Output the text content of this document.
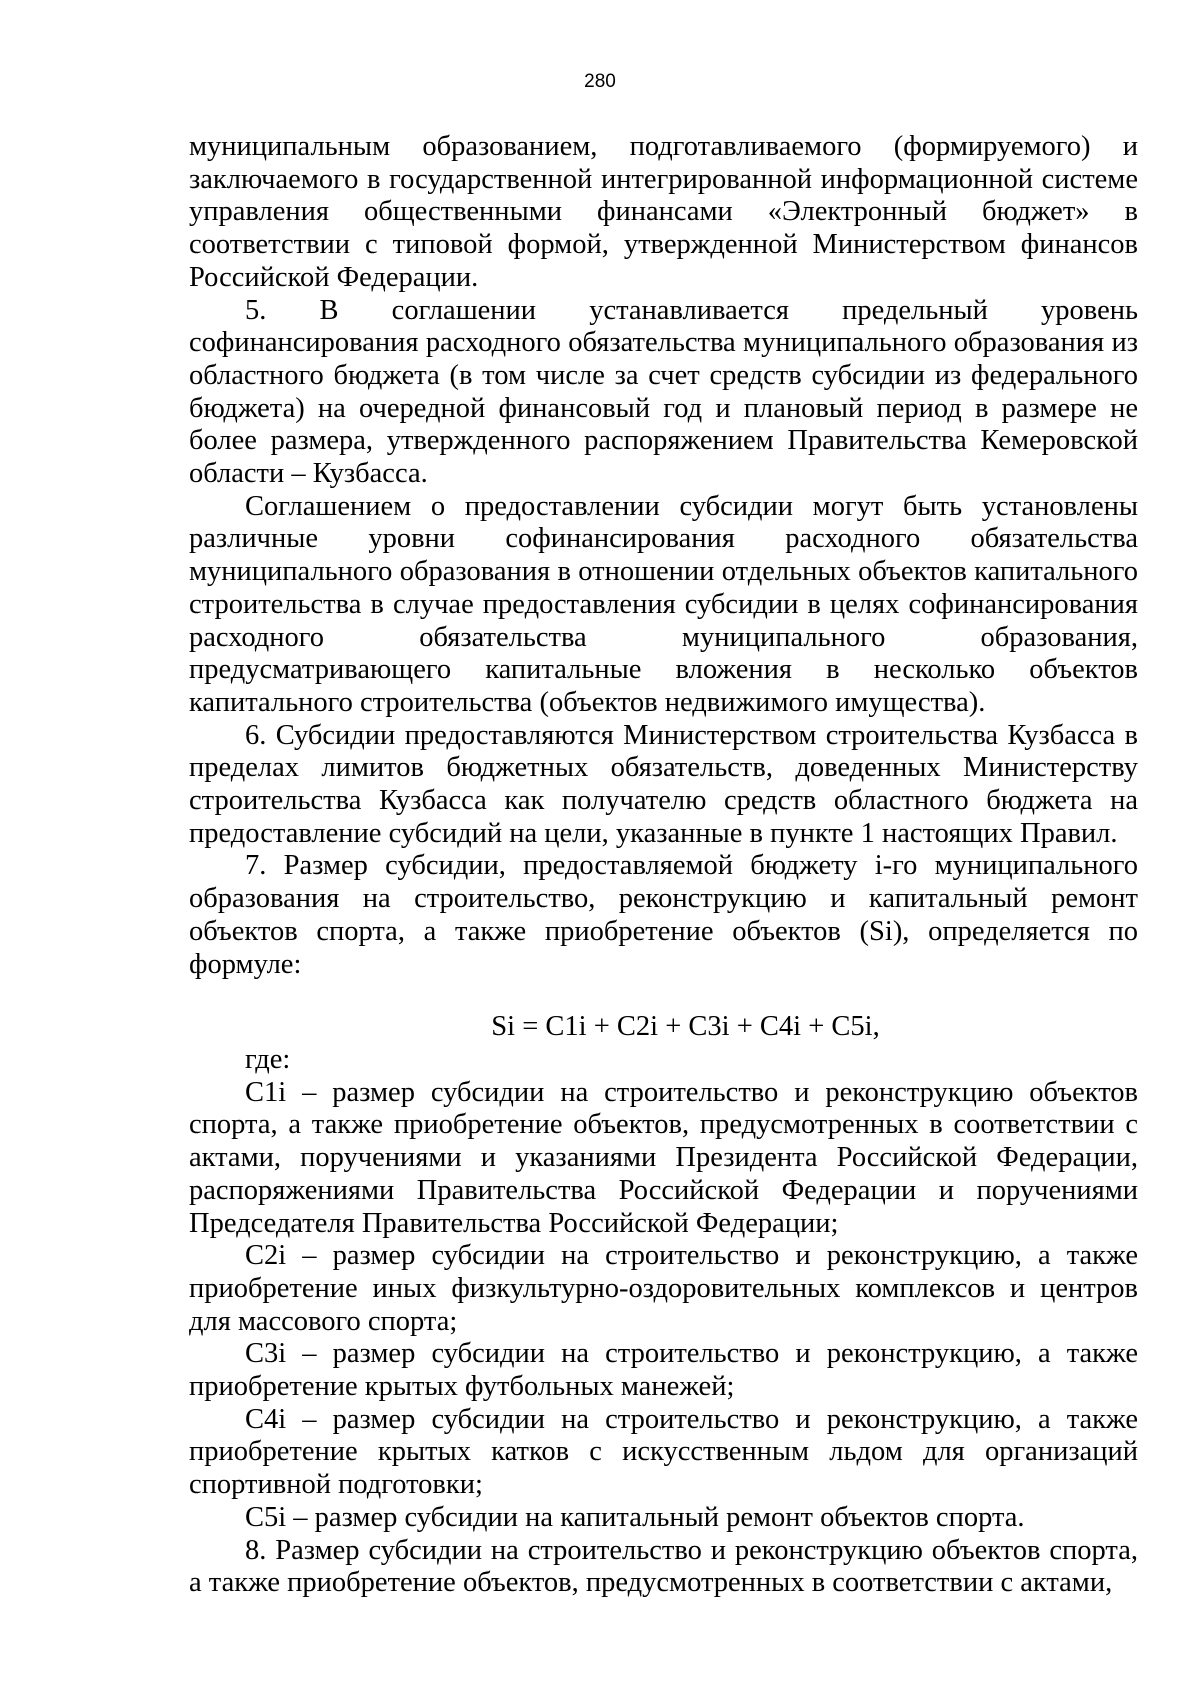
280

муниципальным образованием, подготавливаемого (формируемого) и заключаемого в государственной интегрированной информационной системе управления общественными финансами «Электронный бюджет» в соответствии с типовой формой, утвержденной Министерством финансов Российской Федерации.

5. В соглашении устанавливается предельный уровень софинансирования расходного обязательства муниципального образования из областного бюджета (в том числе за счет средств субсидии из федерального бюджета) на очередной финансовый год и плановый период в размере не более размера, утвержденного распоряжением Правительства Кемеровской области – Кузбасса.

Соглашением о предоставлении субсидии могут быть установлены различные уровни софинансирования расходного обязательства муниципального образования в отношении отдельных объектов капитального строительства в случае предоставления субсидии в целях софинансирования расходного обязательства муниципального образования, предусматривающего капитальные вложения в несколько объектов капитального строительства (объектов недвижимого имущества).

6. Субсидии предоставляются Министерством строительства Кузбасса в пределах лимитов бюджетных обязательств, доведенных Министерству строительства Кузбасса как получателю средств областного бюджета на предоставление субсидий на цели, указанные в пункте 1 настоящих Правил.

7. Размер субсидии, предоставляемой бюджету i-го муниципального образования на строительство, реконструкцию и капитальный ремонт объектов спорта, а также приобретение объектов (Si), определяется по формуле:

Si = C1i + C2i + C3i + C4i + C5i,

где:

C1i – размер субсидии на строительство и реконструкцию объектов спорта, а также приобретение объектов, предусмотренных в соответствии с актами, поручениями и указаниями Президента Российской Федерации, распоряжениями Правительства Российской Федерации и поручениями Председателя Правительства Российской Федерации;

C2i – размер субсидии на строительство и реконструкцию, а также приобретение иных физкультурно-оздоровительных комплексов и центров для массового спорта;

C3i – размер субсидии на строительство и реконструкцию, а также приобретение крытых футбольных манежей;

C4i – размер субсидии на строительство и реконструкцию, а также приобретение крытых катков с искусственным льдом для организаций спортивной подготовки;

C5i – размер субсидии на капитальный ремонт объектов спорта.

8. Размер субсидии на строительство и реконструкцию объектов спорта, а также приобретение объектов, предусмотренных в соответствии с актами,
